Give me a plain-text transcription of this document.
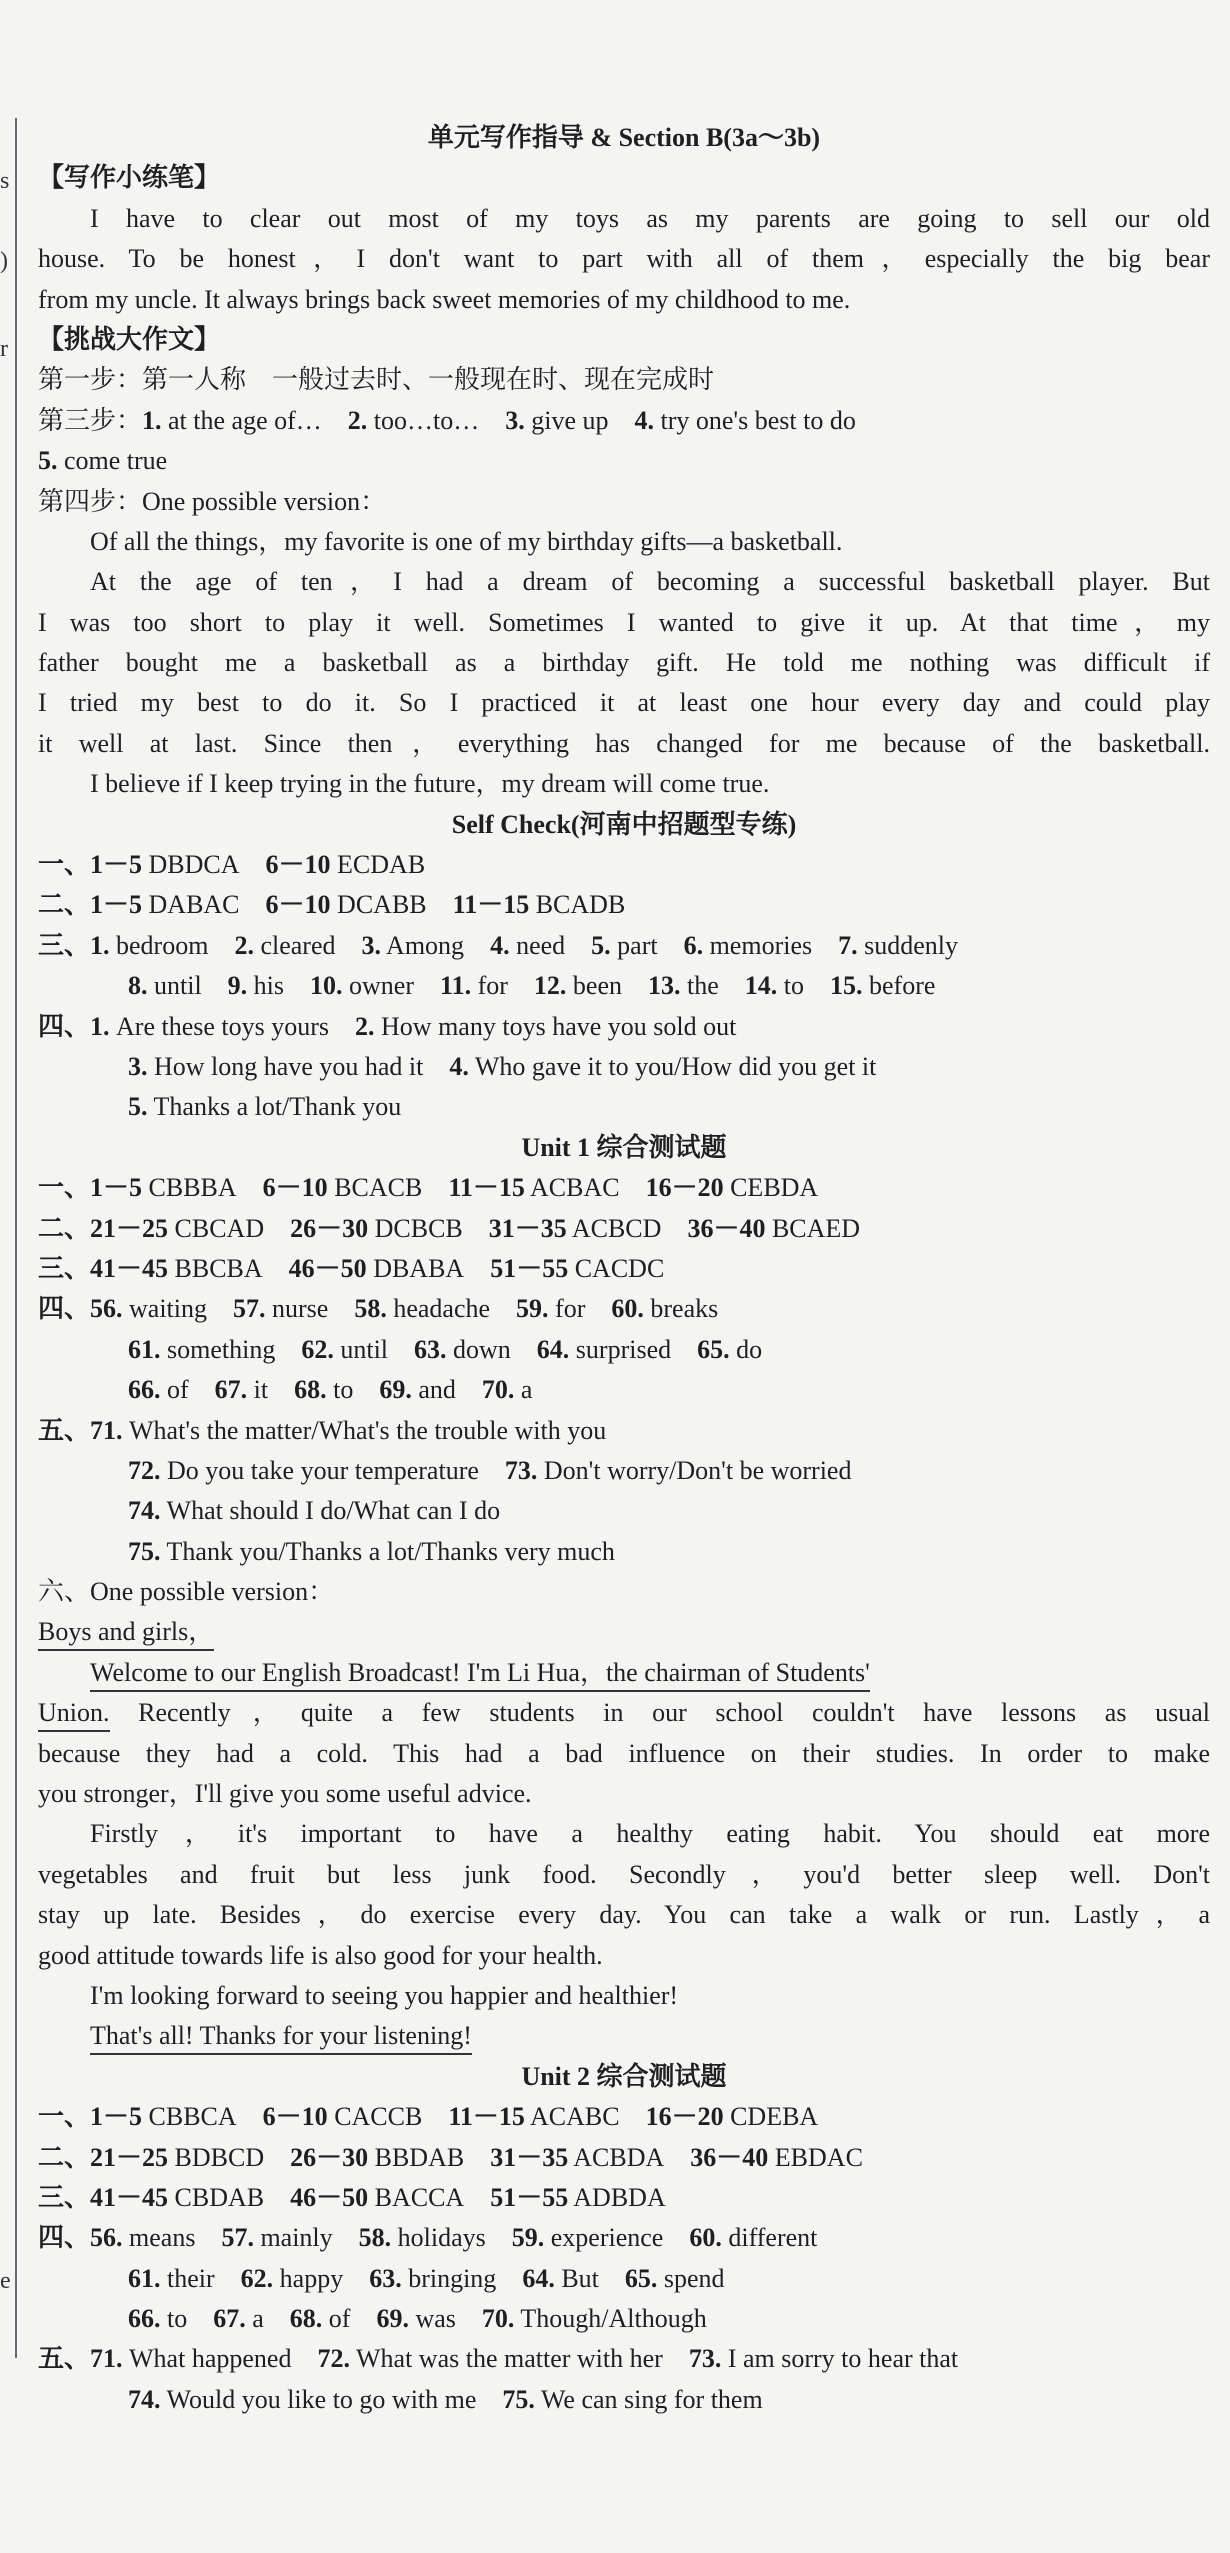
s
)
r
e
单元写作指导 & Section B(3a～3b)
【写作小练笔】
I have to clear out most of my toys as my parents are going to sell our old
house. To be honest，I don't want to part with all of them，especially the big bear
from my uncle. It always brings back sweet memories of my childhood to me.
【挑战大作文】
第一步：第一人称　一般过去时、一般现在时、现在完成时
第三步：1. at the age of…  2. too…to…  3. give up  4. try one's best to do
5. come true
第四步：One possible version：
Of all the things，my favorite is one of my birthday gifts—a basketball.
At the age of ten，I had a dream of becoming a successful basketball player. But
I was too short to play it well. Sometimes I wanted to give it up. At that time，my
father bought me a basketball as a birthday gift. He told me nothing was difficult if
I tried my best to do it. So I practiced it at least one hour every day and could play
it well at last. Since then，everything has changed for me because of the basketball.
I believe if I keep trying in the future，my dream will come true.
Self Check(河南中招题型专练)
一、1－5 DBDCA  6－10 ECDAB
二、1－5 DABAC  6－10 DCABB  11－15 BCADB
三、1. bedroom  2. cleared  3. Among  4. need  5. part  6. memories  7. suddenly
8. until  9. his  10. owner  11. for  12. been  13. the  14. to  15. before
四、1. Are these toys yours  2. How many toys have you sold out
3. How long have you had it  4. Who gave it to you/How did you get it
5. Thanks a lot/Thank you
Unit 1 综合测试题
一、1－5 CBBBA  6－10 BCACB  11－15 ACBAC  16－20 CEBDA
二、21－25 CBCAD  26－30 DCBCB  31－35 ACBCD  36－40 BCAED
三、41－45 BBCBA  46－50 DBABA  51－55 CACDC
四、56. waiting  57. nurse  58. headache  59. for  60. breaks
61. something  62. until  63. down  64. surprised  65. do
66. of  67. it  68. to  69. and  70. a
五、71. What's the matter/What's the trouble with you
72. Do you take your temperature  73. Don't worry/Don't be worried
74. What should I do/What can I do
75. Thank you/Thanks a lot/Thanks very much
六、One possible version：
Boys and girls，
Welcome to our English Broadcast! I'm Li Hua，the chairman of Students'
Union. Recently，quite a few students in our school couldn't have lessons as usual
because they had a cold. This had a bad influence on their studies. In order to make
you stronger，I'll give you some useful advice.
Firstly，it's important to have a healthy eating habit. You should eat more
vegetables and fruit but less junk food. Secondly，you'd better sleep well. Don't
stay up late. Besides，do exercise every day. You can take a walk or run. Lastly，a
good attitude towards life is also good for your health.
I'm looking forward to seeing you happier and healthier!
That's all! Thanks for your listening!
Unit 2 综合测试题
一、1－5 CBBCA  6－10 CACCB  11－15 ACABC  16－20 CDEBA
二、21－25 BDBCD  26－30 BBDAB  31－35 ACBDA  36－40 EBDAC
三、41－45 CBDAB  46－50 BACCA  51－55 ADBDA
四、56. means  57. mainly  58. holidays  59. experience  60. different
61. their  62. happy  63. bringing  64. But  65. spend
66. to  67. a  68. of  69. was  70. Though/Although
五、71. What happened  72. What was the matter with her  73. I am sorry to hear that
74. Would you like to go with me  75. We can sing for them
